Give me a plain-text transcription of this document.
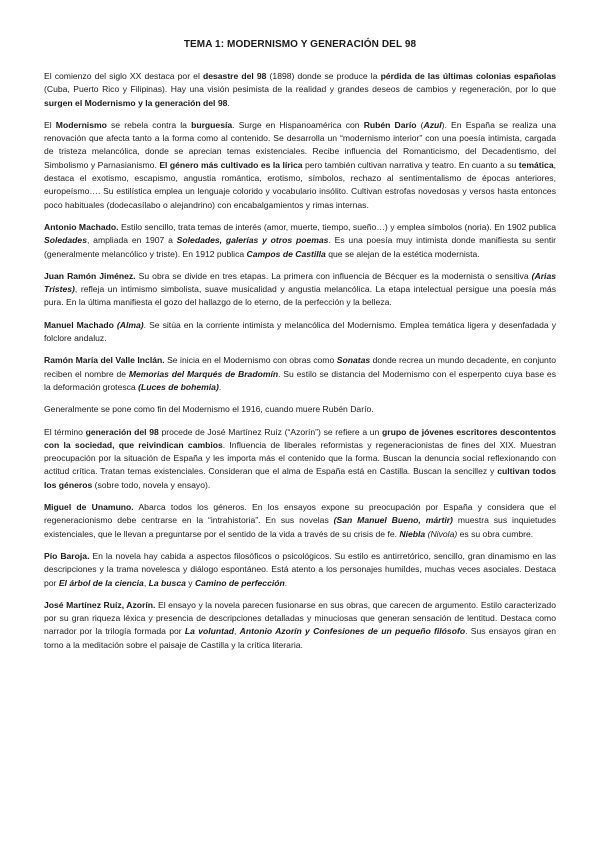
TEMA 1: MODERNISMO Y GENERACIÓN DEL 98

El comienzo del siglo XX destaca por el desastre del 98 (1898) donde se produce la pérdida de las últimas colonias españolas (Cuba, Puerto Rico y Filipinas). Hay una visión pesimista de la realidad y grandes deseos de cambios y regeneración, por lo que surgen el Modernismo y la generación del 98.

El Modernismo se rebela contra la burguesía. Surge en Hispanoamérica con Rubén Darío (Azul). En España se realiza una renovación que afecta tanto a la forma como al contenido. Se desarrolla un “modernismo interior” con una poesía intimista, cargada de tristeza melancólica, donde se aprecian temas existenciales. Recibe influencia del Romanticismo, del Decadentismo, del Simbolismo y Parnasianismo. El género más cultivado es la lírica pero también cultivan narrativa y teatro. En cuanto a su temática, destaca el exotismo, escapismo, angustia romántica, erotismo, símbolos, rechazo al sentimentalismo de épocas anteriores, europeísmo…. Su estilística emplea un lenguaje colorido y vocabulario insólito. Cultivan estrofas novedosas y versos hasta entonces poco habituales (dodecasílabo o alejandrino) con encabalgamientos y rimas internas.

Antonio Machado. Estilo sencillo, trata temas de interés (amor, muerte, tiempo, sueño…) y emplea símbolos (noria). En 1902 publica Soledades, ampliada en 1907 a Soledades, galerías y otros poemas. Es una poesía muy intimista donde manifiesta su sentir (generalmente melancólico y triste). En 1912 publica Campos de Castilla que se alejan de la estética modernista.

Juan Ramón Jiménez. Su obra se divide en tres etapas. La primera con influencia de Bécquer es la modernista o sensitiva (Arias Tristes), refleja un intimismo simbolista, suave musicalidad y angustia melancólica. La etapa intelectual persigue una poesía más pura. En la última manifiesta el gozo del hallazgo de lo eterno, de la perfección y la belleza.

Manuel Machado (Alma). Se sitúa en la corriente intimista y melancólica del Modernismo. Emplea temática ligera y desenfadada y folclore andaluz.

Ramón María del Valle Inclán. Se inicia en el Modernismo con obras como Sonatas donde recrea un mundo decadente, en conjunto reciben el nombre de Memorias del Marqués de Bradomín. Su estilo se distancia del Modernismo con el esperpento cuya base es la deformación grotesca (Luces de bohemia).

Generalmente se pone como fin del Modernismo el 1916, cuando muere Rubén Darío.

El término generación del 98 procede de José Martínez Ruíz (“Azorín”) se refiere a un grupo de jóvenes escritores descontentos con la sociedad, que reivindican cambios. Influencia de liberales reformistas y regeneracionistas de fines del XIX. Muestran preocupación por la situación de España y les importa más el contenido que la forma. Buscan la denuncia social reflexionando con actitud crítica. Tratan temas existenciales. Consideran que el alma de España está en Castilla. Buscan la sencillez y cultivan todos los géneros (sobre todo, novela y ensayo).

Miguel de Unamuno. Abarca todos los géneros. En los ensayos expone su preocupación por España y considera que el regeneracionismo debe centrarse en la “intrahistoria”. En sus novelas (San Manuel Bueno, mártir) muestra sus inquietudes existenciales, que le llevan a preguntarse por el sentido de la vida a través de su crisis de fe. Niebla (Nivola) es su obra cumbre.

Pío Baroja. En la novela hay cabida a aspectos filosóficos o psicológicos. Su estilo es antirretórico, sencillo, gran dinamismo en las descripciones y la trama novelesca y diálogo espontáneo. Está atento a los personajes humildes, muchas veces asociales. Destaca por El árbol de la ciencia, La busca y Camino de perfección.

José Martínez Ruíz, Azorín. El ensayo y la novela parecen fusionarse en sus obras, que carecen de argumento. Estilo caracterizado por su gran riqueza léxica y presencia de descripciones detalladas y minuciosas que generan sensación de lentitud. Destaca como narrador por la trilogía formada por La voluntad, Antonio Azorín y Confesiones de un pequeño filósofo. Sus ensayos giran en torno a la meditación sobre el paisaje de Castilla y la crítica literaria.
